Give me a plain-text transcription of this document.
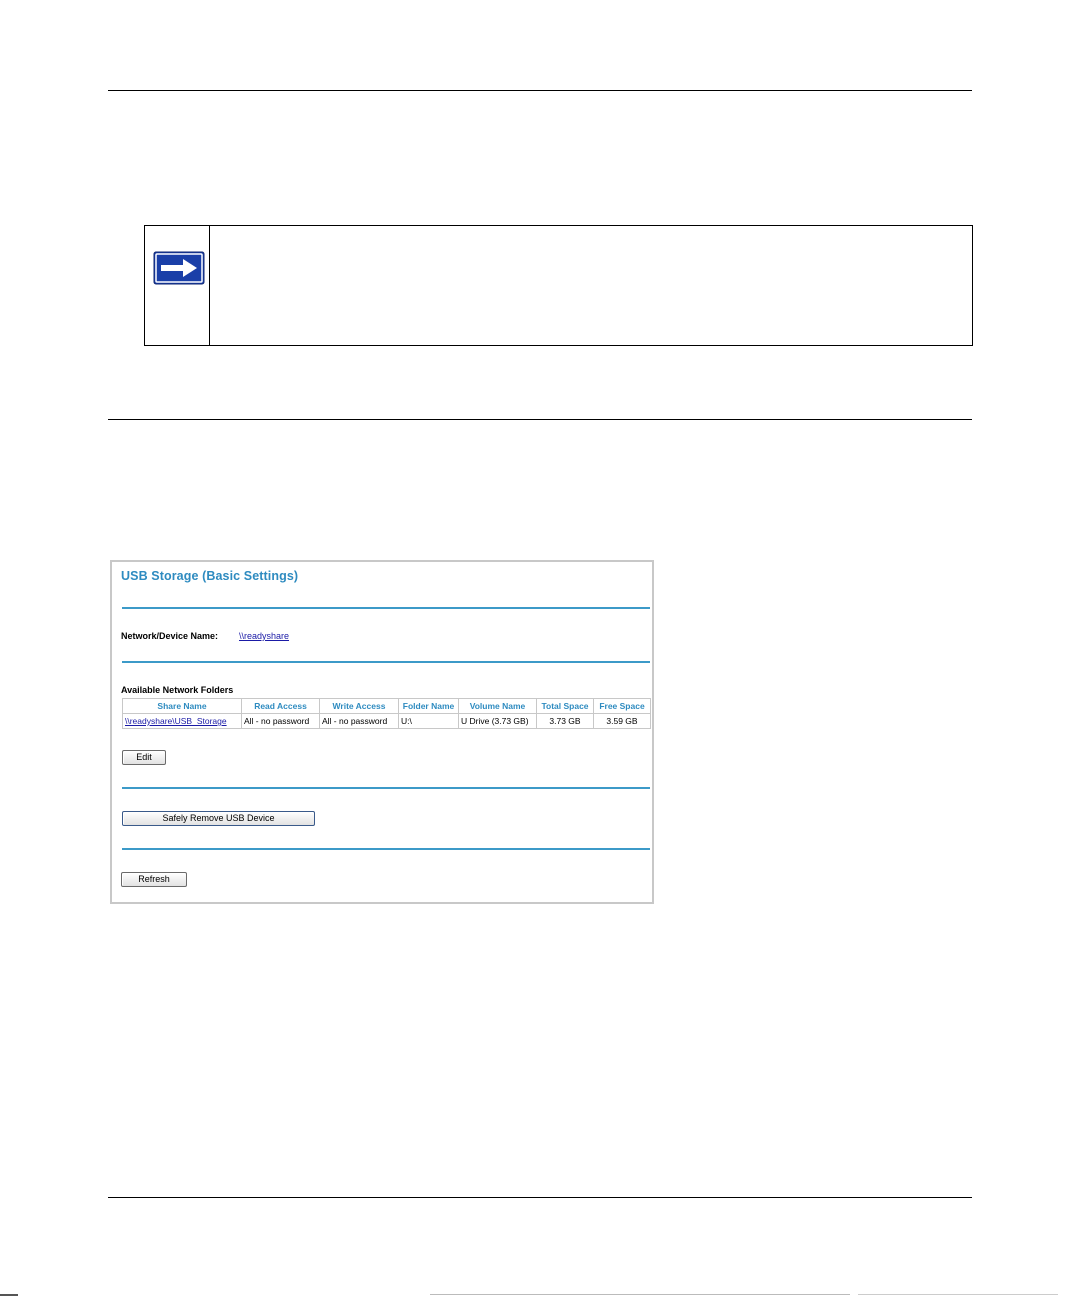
USB Storage (Basic Settings)
Network/Device Name: \\readyshare
Available Network Folders
Share Name	Read Access	Write Access	Folder Name	Volume Name	Total Space	Free Space
\\readyshare\USB_Storage	All - no password	All - no password	U:\	U Drive (3.73 GB)	3.73 GB	3.59 GB
Edit
Safely Remove USB Device
Refresh
